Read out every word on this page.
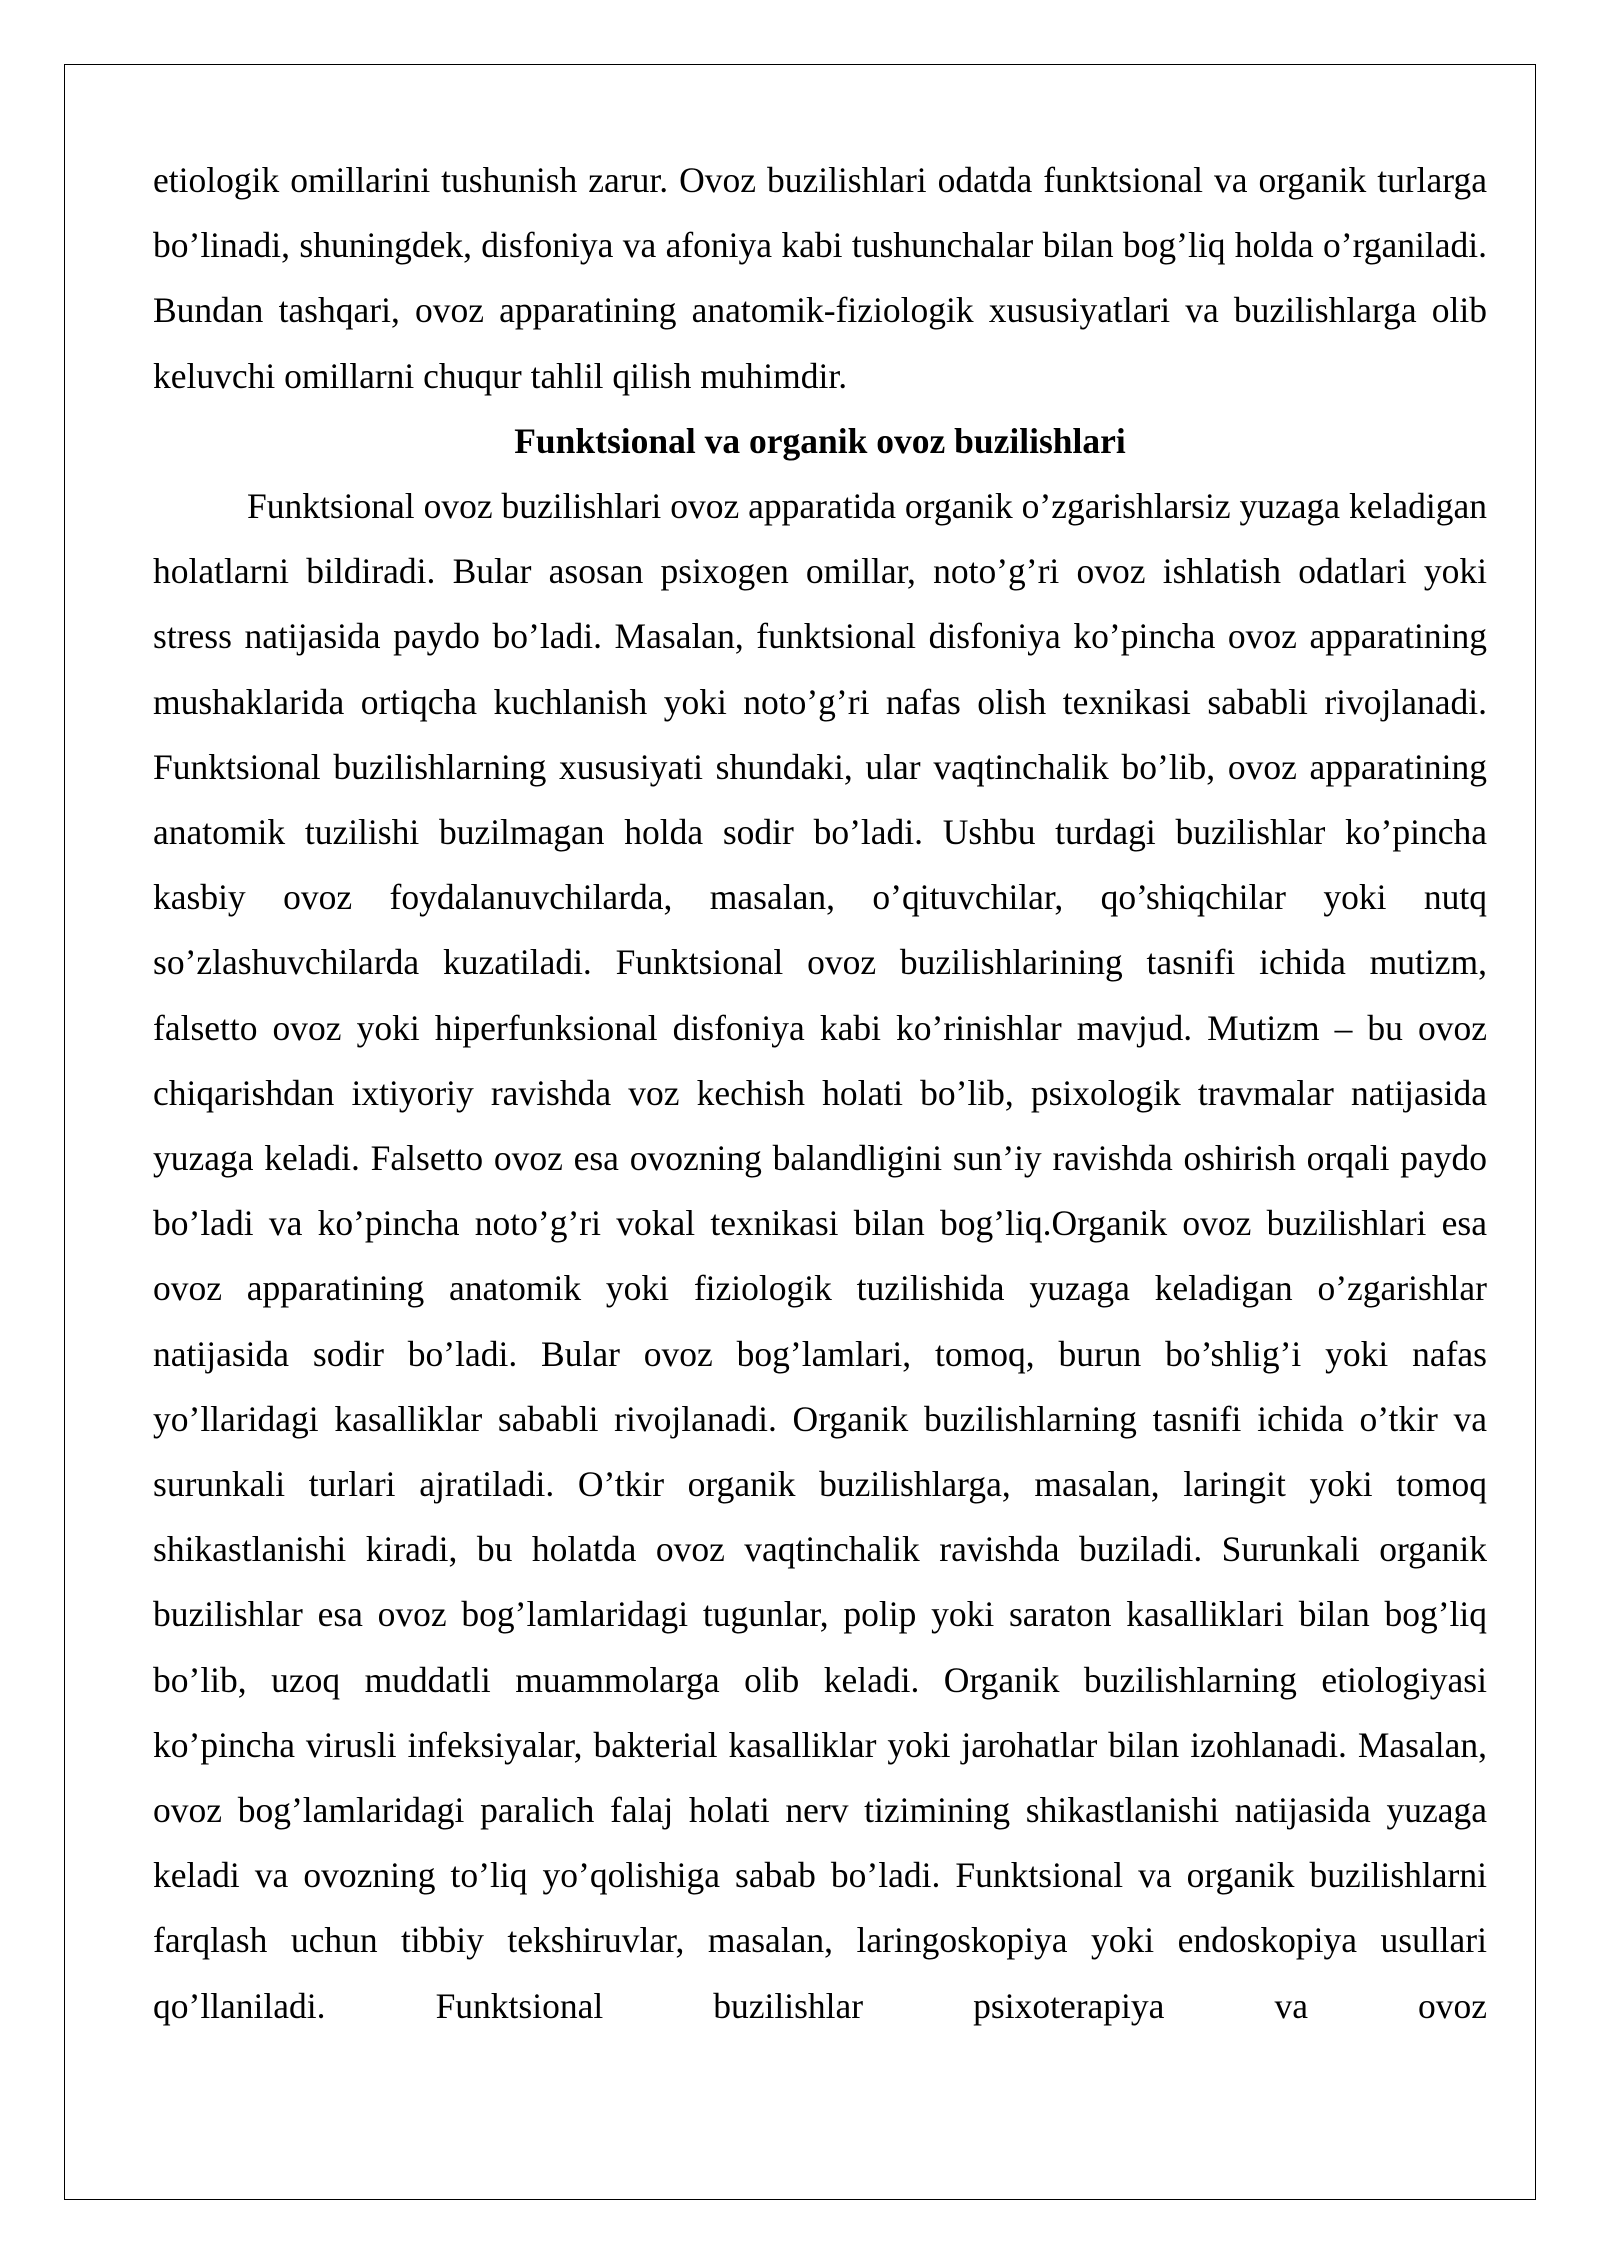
etiologik omillarini tushunish zarur. Ovoz buzilishlari odatda funktsional va organik turlarga bo’linadi, shuningdek, disfoniya va afoniya kabi tushunchalar bilan bog’liq holda o’rganiladi. Bundan tashqari, ovoz apparatining anatomik-fiziologik xususiyatlari va buzilishlarga olib keluvchi omillarni chuqur tahlil qilish muhimdir.

Funktsional va organik ovoz buzilishlari

Funktsional ovoz buzilishlari ovoz apparatida organik o’zgarishlarsiz yuzaga keladigan holatlarni bildiradi. Bular asosan psixogen omillar, noto’g’ri ovoz ishlatish odatlari yoki stress natijasida paydo bo’ladi. Masalan, funktsional disfoniya ko’pincha ovoz apparatining mushaklarida ortiqcha kuchlanish yoki noto’g’ri nafas olish texnikasi sababli rivojlanadi. Funktsional buzilishlarning xususiyati shundaki, ular vaqtinchalik bo’lib, ovoz apparatining anatomik tuzilishi buzilmagan holda sodir bo’ladi. Ushbu turdagi buzilishlar ko’pincha kasbiy ovoz foydalanuvchilarda, masalan, o’qituvchilar, qo’shiqchilar yoki nutq so’zlashuvchilarda kuzatiladi. Funktsional ovoz buzilishlarining tasnifi ichida mutizm, falsetto ovoz yoki hiperfunksional disfoniya kabi ko’rinishlar mavjud. Mutizm – bu ovoz chiqarishdan ixtiyoriy ravishda voz kechish holati bo’lib, psixologik travmalar natijasida yuzaga keladi. Falsetto ovoz esa ovozning balandligini sun’iy ravishda oshirish orqali paydo bo’ladi va ko’pincha noto’g’ri vokal texnikasi bilan bog’liq.Organik ovoz buzilishlari esa ovoz apparatining anatomik yoki fiziologik tuzilishida yuzaga keladigan o’zgarishlar natijasida sodir bo’ladi. Bular ovoz bog’lamlari, tomoq, burun bo’shlig’i yoki nafas yo’llaridagi kasalliklar sababli rivojlanadi. Organik buzilishlarning tasnifi ichida o’tkir va surunkali turlari ajratiladi. O’tkir organik buzilishlarga, masalan, laringit yoki tomoq shikastlanishi kiradi, bu holatda ovoz vaqtinchalik ravishda buziladi. Surunkali organik buzilishlar esa ovoz bog’lamlaridagi tugunlar, polip yoki saraton kasalliklari bilan bog’liq bo’lib, uzoq muddatli muammolarga olib keladi. Organik buzilishlarning etiologiyasi ko’pincha virusli infeksiyalar, bakterial kasalliklar yoki jarohatlar bilan izohlanadi. Masalan, ovoz bog’lamlaridagi paralich falaj holati nerv tizimining shikastlanishi natijasida yuzaga keladi va ovozning to’liq yo’qolishiga sabab bo’ladi. Funktsional va organik buzilishlarni farqlash uchun tibbiy tekshiruvlar, masalan, laringoskopiya yoki endoskopiya usullari qo’llaniladi. Funktsional buzilishlar psixoterapiya va ovoz
